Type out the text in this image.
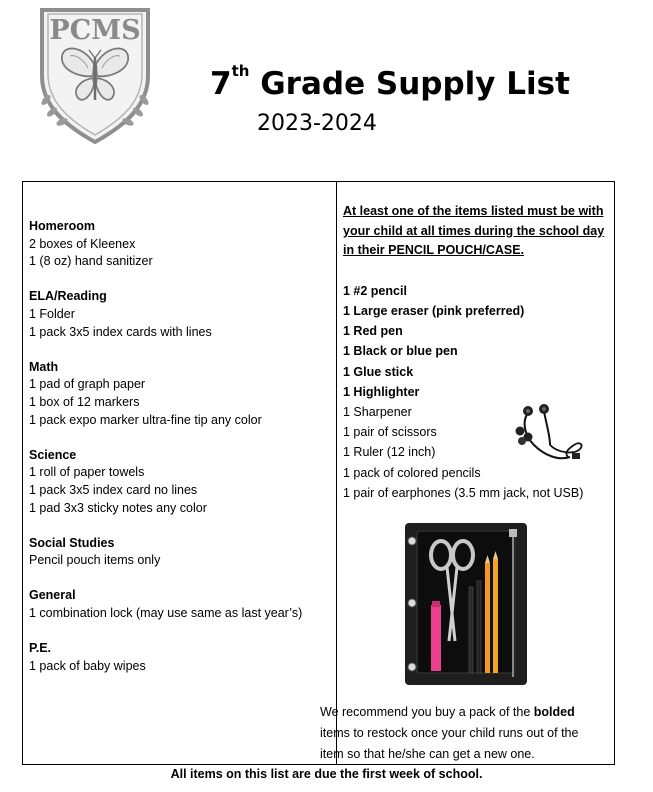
PCMS
7th Grade Supply List
2023-2024
Homeroom
2 boxes of Kleenex
1 (8 oz) hand sanitizer
ELA/Reading
1 Folder
1 pack 3x5 index cards with lines
Math
1 pad of graph paper
1 box of 12 markers
1 pack expo marker ultra-fine tip any color
Science
1 roll of paper towels
1 pack 3x5 index card no lines
1 pad 3x3 sticky notes any color
Social Studies
Pencil pouch items only
General
1 combination lock (may use same as last year’s)
P.E.
1 pack of baby wipes
At least one of the items listed must be with your child at all times during the school day in their PENCIL POUCH/CASE.
1 #2 pencil
1 Large eraser (pink preferred)
1 Red pen
1 Black or blue pen
1 Glue stick
1 Highlighter
1 Sharpener
1 pair of scissors
1 Ruler (12 inch)
1 pack of colored pencils
1 pair of earphones (3.5 mm jack, not USB)
We recommend you buy a pack of the bolded items to restock once your child runs out of the item so that he/she can get a new one.
All items on this list are due the first week of school.
